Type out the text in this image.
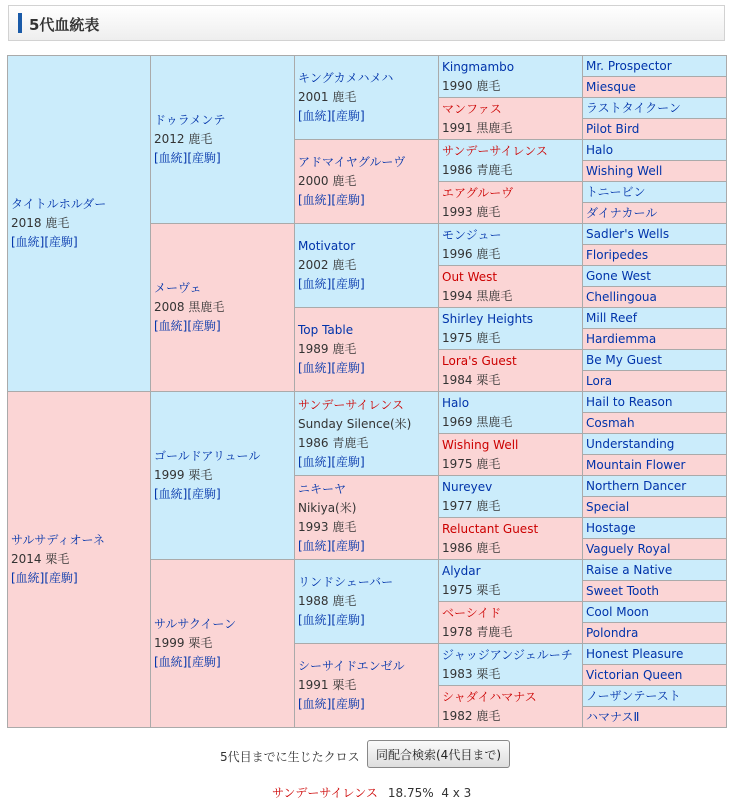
5代血統表
タイトルホルダー
2018 鹿毛
[血統][産駒]	ドゥラメンテ
2012 鹿毛
[血統][産駒]	キングカメハメハ
2001 鹿毛
[血統][産駒]	Kingmambo
1990 鹿毛	Mr. Prospector
				Miesque

			マンファス
1991 黒鹿毛	ラストタイクーン
				Pilot Bird

		アドマイヤグルーヴ
2000 鹿毛
[血統][産駒]	サンデーサイレンス
1986 青鹿毛	Halo
				Wishing Well

			エアグルーヴ
1993 鹿毛	トニービン
				ダイナカール

	メーヴェ
2008 黒鹿毛
[血統][産駒]	Motivator
2002 鹿毛
[血統][産駒]	モンジュー
1996 鹿毛	Sadler's Wells
				Floripedes

			Out West
1994 黒鹿毛	Gone West
				Chellingoua

		Top Table
1989 鹿毛
[血統][産駒]	Shirley Heights
1975 鹿毛	Mill Reef
				Hardiemma

			Lora's Guest
1984 栗毛	Be My Guest
				Lora

サルサディオーネ
2014 栗毛
[血統][産駒]	ゴールドアリュール
1999 栗毛
[血統][産駒]	サンデーサイレンス
Sunday Silence(米)
1986 青鹿毛
[血統][産駒]	Halo
1969 黒鹿毛	Hail to Reason
				Cosmah

			Wishing Well
1975 鹿毛	Understanding
				Mountain Flower

		ニキーヤ
Nikiya(米)
1993 鹿毛
[血統][産駒]	Nureyev
1977 鹿毛	Northern Dancer
				Special

			Reluctant Guest
1986 鹿毛	Hostage
				Vaguely Royal

	サルサクイーン
1999 栗毛
[血統][産駒]	リンドシェーバー
1988 鹿毛
[血統][産駒]	Alydar
1975 栗毛	Raise a Native
				Sweet Tooth

			ベーシイド
1978 青鹿毛	Cool Moon
				Polondra

		シーサイドエンゼル
1991 栗毛
[血統][産駒]	ジャッジアンジェルーチ
1983 栗毛	Honest Pleasure
				Victorian Queen

			シャダイハマナス
1982 鹿毛	ノーザンテースト
				ハマナスⅡ
5代目までに生じたクロス	同配合検索(4代目まで)
サンデーサイレンス 18.75% 4 x 3
